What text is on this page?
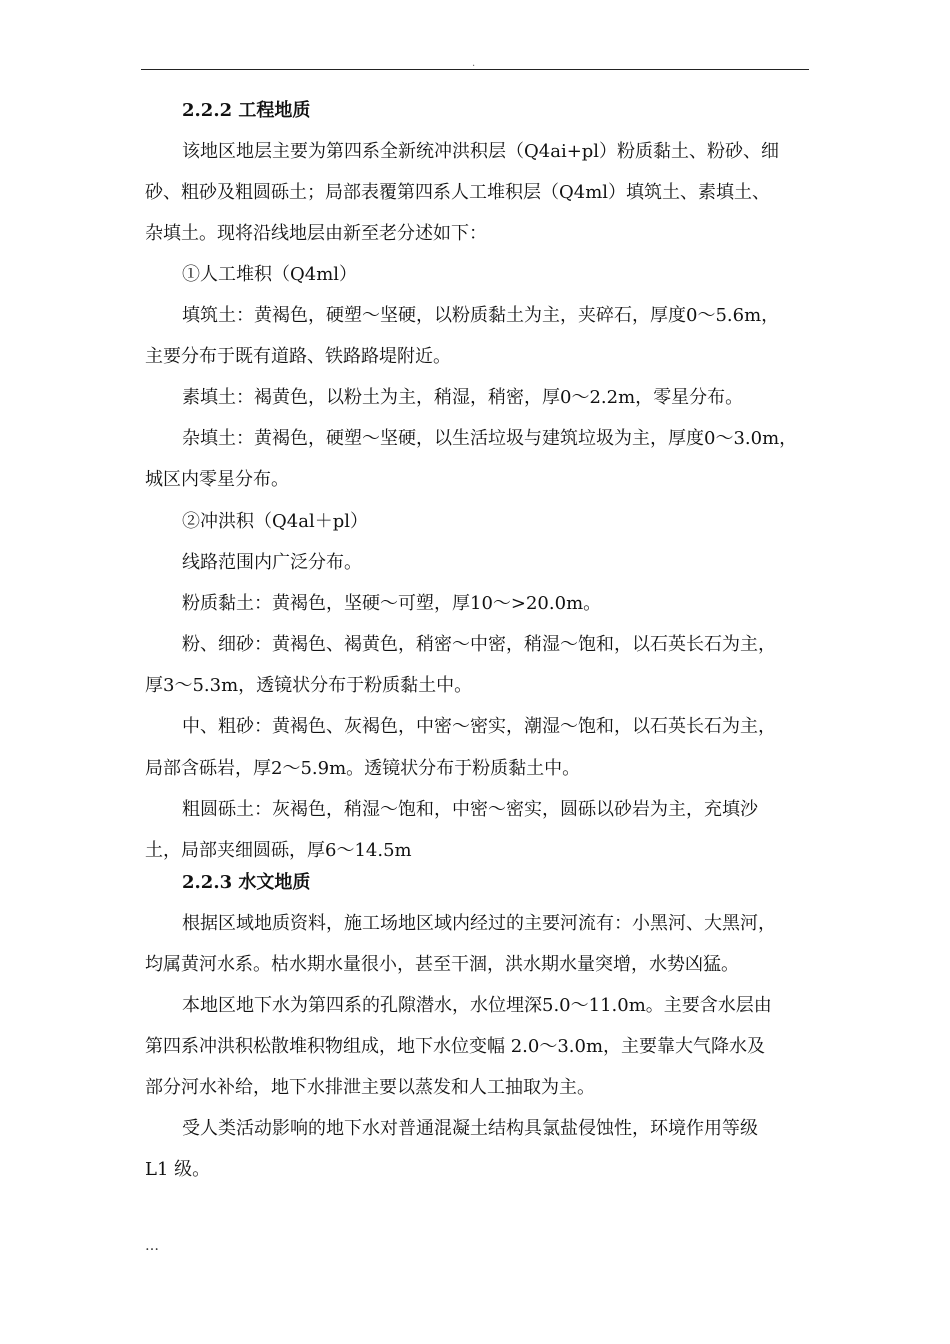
.
2.2.2 工程地质
该地区地层主要为第四系全新统冲洪积层（Q4ai+pl）粉质黏土、粉砂、细
砂、粗砂及粗圆砾土；局部表覆第四系人工堆积层（Q4ml）填筑土、素填土、
杂填土。现将沿线地层由新至老分述如下：
①人工堆积（Q4ml）
填筑土：黄褐色，硬塑～坚硬，以粉质黏土为主，夹碎石，厚度0～5.6m，
主要分布于既有道路、铁路路堤附近。
素填土：褐黄色，以粉土为主，稍湿，稍密，厚0～2.2m，零星分布。
杂填土：黄褐色，硬塑～坚硬，以生活垃圾与建筑垃圾为主，厚度0～3.0m，
城区内零星分布。
②冲洪积（Q4al＋pl）
线路范围内广泛分布。
粉质黏土：黄褐色，坚硬～可塑，厚10～>20.0m。
粉、细砂：黄褐色、褐黄色，稍密～中密，稍湿～饱和，以石英长石为主，
厚3～5.3m，透镜状分布于粉质黏土中。
中、粗砂：黄褐色、灰褐色，中密～密实，潮湿～饱和，以石英长石为主，
局部含砾岩，厚2～5.9m。透镜状分布于粉质黏土中。
粗圆砾土：灰褐色，稍湿～饱和，中密～密实，圆砾以砂岩为主，充填沙
土，局部夹细圆砾，厚6～14.5m
2.2.3 水文地质
根据区域地质资料，施工场地区域内经过的主要河流有：小黑河、大黑河，
均属黄河水系。枯水期水量很小，甚至干涸，洪水期水量突增，水势凶猛。
本地区地下水为第四系的孔隙潜水，水位埋深5.0～11.0m。主要含水层由
第四系冲洪积松散堆积物组成，地下水位变幅 2.0～3.0m，主要靠大气降水及
部分河水补给，地下水排泄主要以蒸发和人工抽取为主。
受人类活动影响的地下水对普通混凝土结构具氯盐侵蚀性，环境作用等级
L1 级。
…
